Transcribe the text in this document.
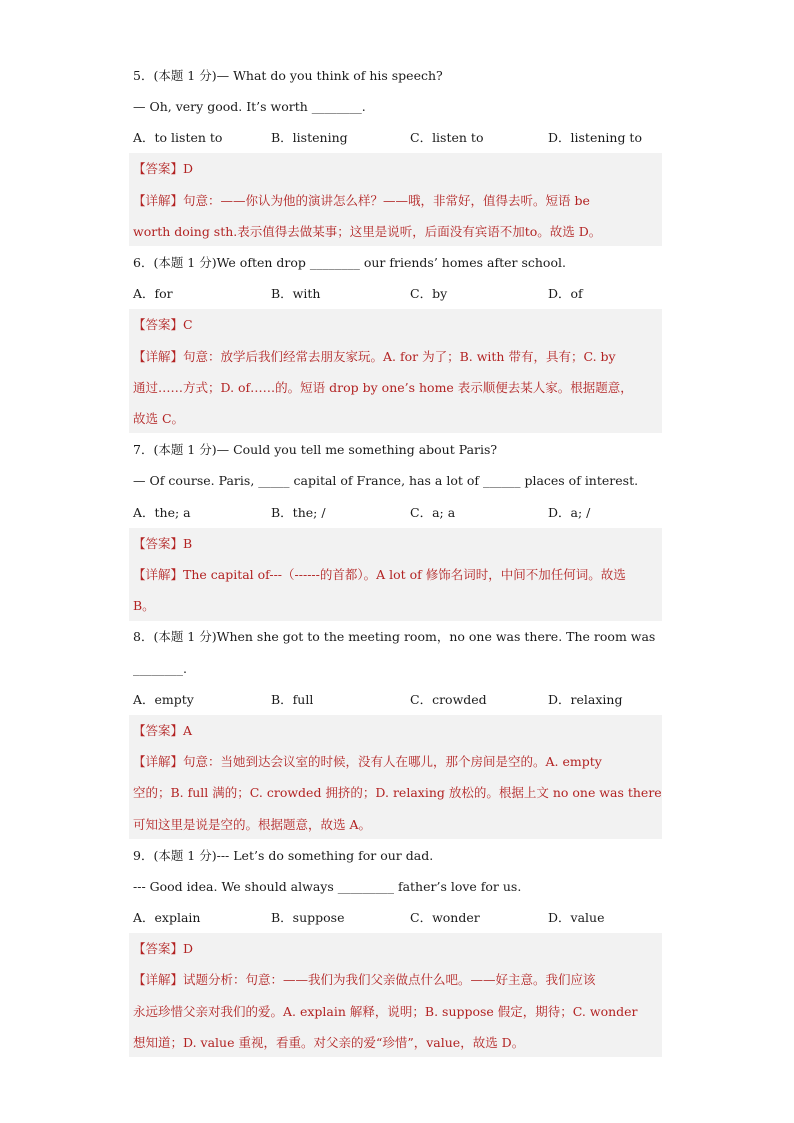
5．(本题 1 分)— What do you think of his speech?
— Oh, very good. It’s worth ________.
A．to listen to	B．listening	C．listen to	D．listening to
【答案】D
【详解】句意：——你认为他的演讲怎么样？——哦，非常好，值得去听。短语 be
worth doing sth.表示值得去做某事；这里是说听，后面没有宾语不加to。故选 D。
6．(本题 1 分)We often drop ________ our friends’ homes after school.
A．for	B．with	C．by	D．of
【答案】C
【详解】句意：放学后我们经常去朋友家玩。A. for 为了；B. with 带有，具有；C. by
通过……方式；D. of……的。短语 drop by one’s home 表示顺便去某人家。根据题意，
故选 C。
7．(本题 1 分)— Could you tell me something about Paris?
— Of course. Paris, _____ capital of France, has a lot of ______ places of interest.
A．the; a	B．the; /	C．a; a	D．a; /
【答案】B
【详解】The capital of---（------的首都）。A lot of 修饰名词时，中间不加任何词。故选
B。
8．(本题 1 分)When she got to the meeting room，no one was there. The room was
________.
A．empty	B．full	C．crowded	D．relaxing
【答案】A
【详解】句意：当她到达会议室的时候，没有人在哪儿，那个房间是空的。A. empty
空的；B. full 满的；C. crowded 拥挤的；D. relaxing 放松的。根据上文 no one was there
可知这里是说是空的。根据题意，故选 A。
9．(本题 1 分)--- Let’s do something for our dad.
--- Good idea. We should always _________ father’s love for us.
A．explain	B．suppose	C．wonder	D．value
【答案】D
【详解】试题分析：句意：——我们为我们父亲做点什么吧。——好主意。我们应该
永远珍惜父亲对我们的爱。A. explain 解释，说明；B. suppose 假定，期待；C. wonder
想知道；D. value 重视，看重。对父亲的爱“珍惜”，value，故选 D。
